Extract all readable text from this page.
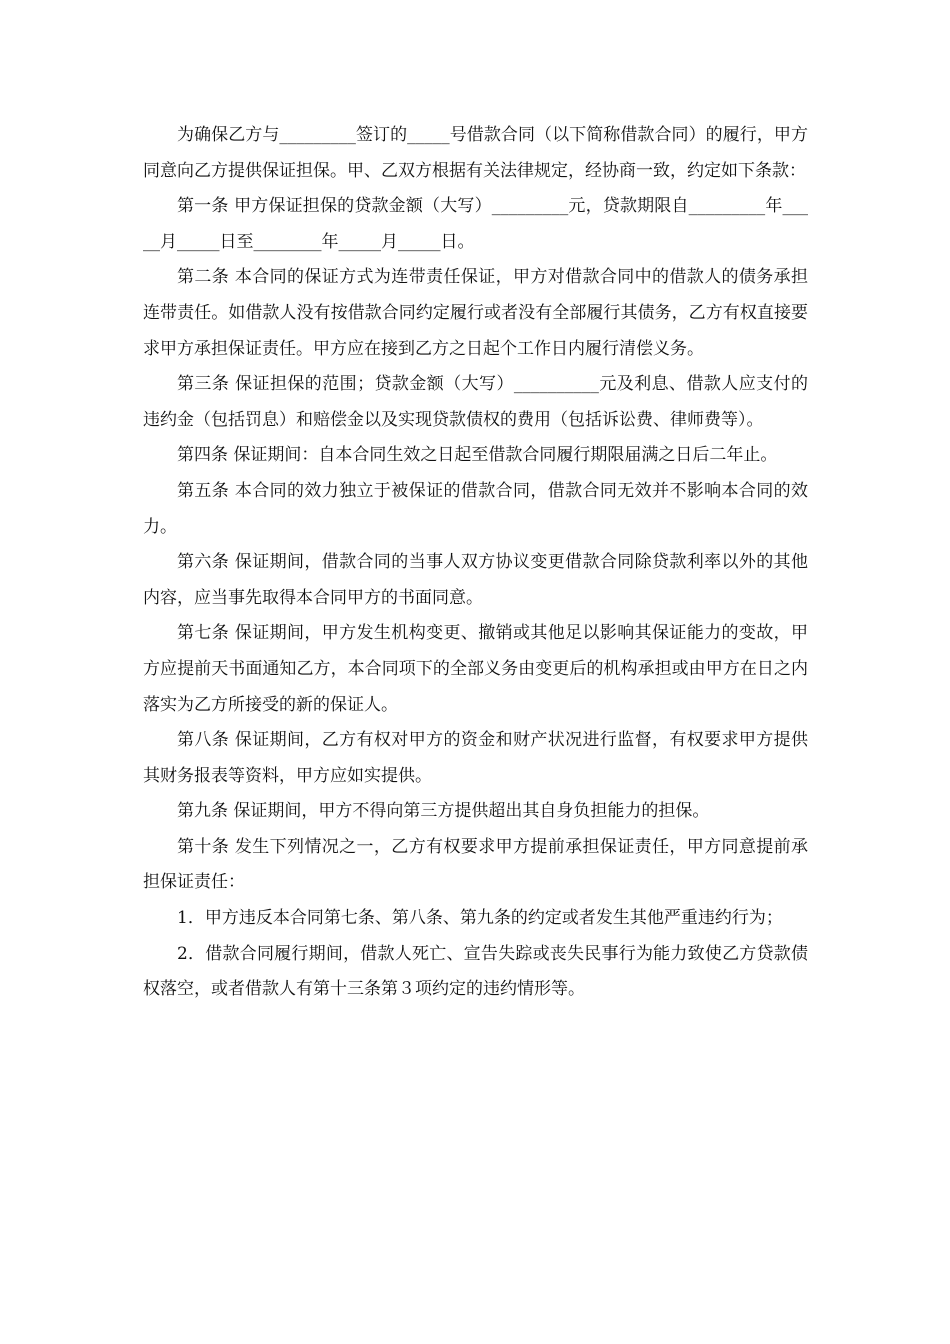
为确保乙方与_________签订的_____号借款合同（以下简称借款合同）的履行，甲方同意向乙方提供保证担保。甲、乙双方根据有关法律规定，经协商一致，约定如下条款：

第一条 甲方保证担保的贷款金额（大写）_________元，贷款期限自_________年_____月_____日至________年_____月_____日。

第二条 本合同的保证方式为连带责任保证，甲方对借款合同中的借款人的债务承担连带责任。如借款人没有按借款合同约定履行或者没有全部履行其债务，乙方有权直接要求甲方承担保证责任。甲方应在接到乙方之日起个工作日内履行清偿义务。

第三条 保证担保的范围；贷款金额（大写）__________元及利息、借款人应支付的违约金（包括罚息）和赔偿金以及实现贷款债权的费用（包括诉讼费、律师费等）。

第四条 保证期间：自本合同生效之日起至借款合同履行期限届满之日后二年止。

第五条 本合同的效力独立于被保证的借款合同，借款合同无效并不影响本合同的效力。

第六条 保证期间，借款合同的当事人双方协议变更借款合同除贷款利率以外的其他内容，应当事先取得本合同甲方的书面同意。

第七条 保证期间，甲方发生机构变更、撤销或其他足以影响其保证能力的变故，甲方应提前天书面通知乙方，本合同项下的全部义务由变更后的机构承担或由甲方在日之内落实为乙方所接受的新的保证人。

第八条 保证期间，乙方有权对甲方的资金和财产状况进行监督，有权要求甲方提供其财务报表等资料，甲方应如实提供。

第九条 保证期间，甲方不得向第三方提供超出其自身负担能力的担保。

第十条 发生下列情况之一，乙方有权要求甲方提前承担保证责任，甲方同意提前承担保证责任：

1．甲方违反本合同第七条、第八条、第九条的约定或者发生其他严重违约行为；

2．借款合同履行期间，借款人死亡、宣告失踪或丧失民事行为能力致使乙方贷款债权落空，或者借款人有第十三条第３项约定的违约情形等。
